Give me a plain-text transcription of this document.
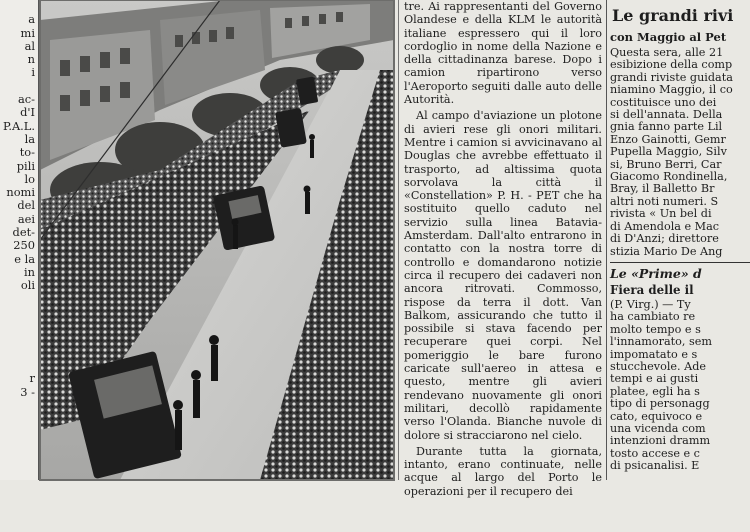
a
mi
al
n
i
ac-
d'I
P.A.L.
la
to-
pili
lo
nomi
del
aei
det-
250
e la
in
oli
r
3 -

tre. Ai rappresentanti del Governo Olandese e della KLM le autorità italiane espressero qui il loro cordoglio in nome della Nazione e della cittadinanza barese. Dopo i camion ripartirono verso l'Aeroporto seguiti dalle auto delle Autorità.

Al campo d'aviazione un plotone di avieri rese gli onori militari. Mentre i camion si avvicinavano al Douglas che avrebbe effettuato il trasporto, ad altissima quota sorvolava la città il «Constellation» P. H. - PET che ha sostituito quello caduto nel servizio sulla linea Batavia-Amsterdam. Dall'alto entrarono in contatto con la nostra torre di controllo e domandarono notizie circa il recupero dei cadaveri non ancora ritrovati. Commosso, rispose da terra il dott. Van Balkom, assicurando che tutto il possibile si stava facendo per recuperare quei corpi. Nel pomeriggio le bare furono caricate sull'aereo in attesa e questo, mentre gli avieri rendevano nuovamente gli onori militari, decollò rapidamente verso l'Olanda. Bianche nuvole di dolore si stracciarono nel cielo.

Durante tutta la giornata, intanto, erano continuate, nelle acque al largo del Porto le operazioni per il recupero dei

Le grandi rivi
con Maggio al Pet
Questa sera, alle 21
esibizione della comp
grandi riviste guidata
niamino Maggio, il co
costituisce uno dei
si dell'annata. Della
gnia fanno parte Lil
Enzo Gainotti, Gemr
Pupella Maggio, Silv
si, Bruno Berri, Car
Giacomo Rondinella,
Bray, il Balletto Br
altri noti numeri. S
rivista « Un bel di
di Amendola e Mac
di D'Anzi; direttore
stizia Mario De Ang
Le «Prime» d
Fiera delle il
(P. Virg.) — Ty
ha cambiato re
molto tempo e s
l'innamorato, sem
impomatato e s
stucchevole. Ade
tempi e ai gusti
platee, egli ha s
tipo di personagg
cato, equivoco e
una vicenda com
intenzioni dramm
tosto accese e c
di psicanalisi. E
